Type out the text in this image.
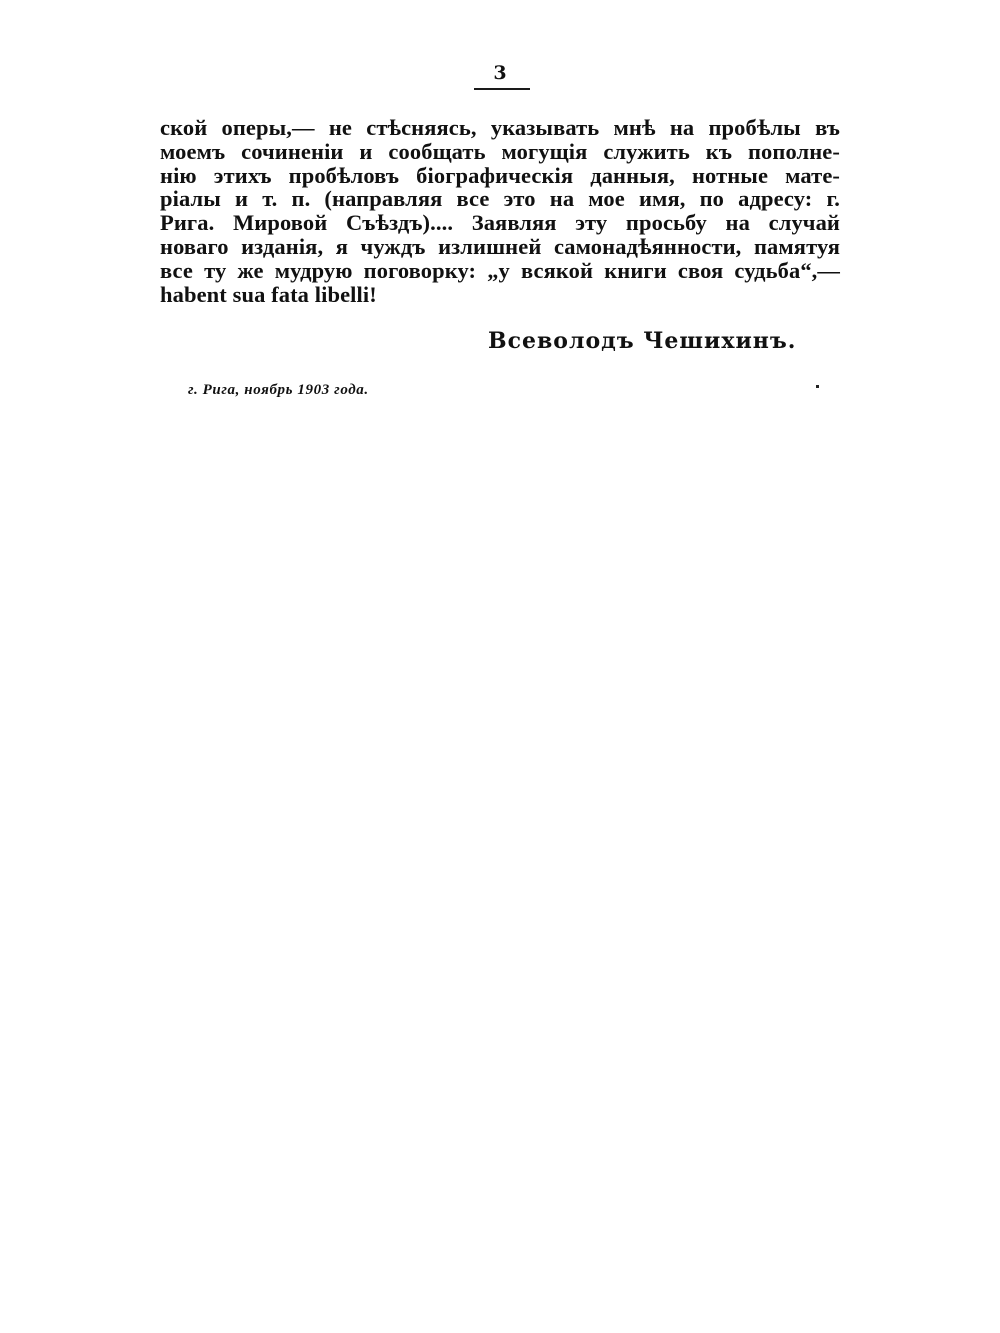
3
ской оперы,— не стѣсняясь, указывать мнѣ на пробѣлы въ
моемъ сочиненіи и сообщать могущія служить къ пополне-
нію этихъ пробѣловъ біографическія данныя, нотные мате-
ріалы и т. п. (направляя все это на мое имя, по адресу: г.
Рига. Мировой Съѣздъ).... Заявляя эту просьбу на случай
новаго изданія, я чуждъ излишней самонадѣянности, памятуя
все ту же мудрую поговорку: „у всякой книги своя судьба“,—
habent sua fata libelli!
Всеволодъ Чешихинъ.
г. Рига, ноябрь 1903 года.
